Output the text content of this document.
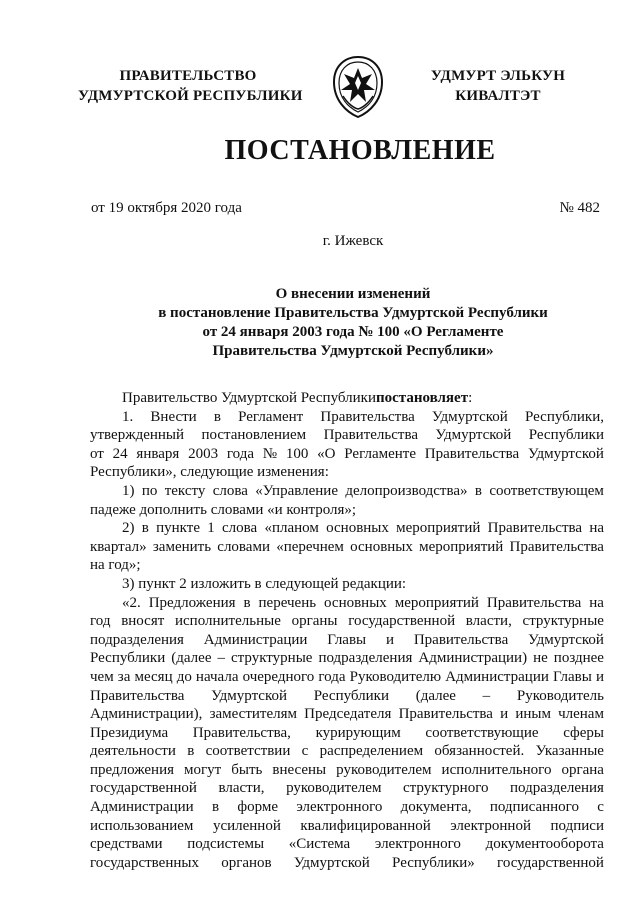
ПРАВИТЕЛЬСТВО
УДМУРТСКОЙ РЕСПУБЛИКИ
УДМУРТ ЭЛЬКУН
КИВАЛТЭТ
ПОСТАНОВЛЕНИЕ
от 19 октября 2020 года	№ 482
г. Ижевск
О внесении изменений
в постановление Правительства Удмуртской Республики
от 24 января 2003 года № 100 «О Регламенте
Правительства Удмуртской Республики»
Правительство Удмуртской Республикипостановляет:
1. Внести в Регламент Правительства Удмуртской Республики,
утвержденный постановлением Правительства Удмуртской Республики
от 24 января 2003 года № 100 «О Регламенте Правительства Удмуртской
Республики», следующие изменения:
1) по тексту слова «Управление делопроизводства» в соответствующем
падеже дополнить словами «и контроля»;
2) в пункте 1 слова «планом основных мероприятий Правительства на
квартал» заменить словами «перечнем основных мероприятий Правительства
на год»;
3) пункт 2 изложить в следующей редакции:
«2. Предложения в перечень основных мероприятий Правительства на
год вносят исполнительные органы государственной власти, структурные
подразделения Администрации Главы и Правительства Удмуртской
Республики (далее – структурные подразделения Администрации) не позднее
чем за месяц до начала очередного года Руководителю Администрации Главы и
Правительства Удмуртской Республики (далее – Руководитель
Администрации), заместителям Председателя Правительства и иным членам
Президиума Правительства, курирующим соответствующие сферы
деятельности в соответствии с распределением обязанностей. Указанные
предложения могут быть внесены руководителем исполнительного органа
государственной власти, руководителем структурного подразделения
Администрации в форме электронного документа, подписанного с
использованием усиленной квалифицированной электронной подписи
средствами подсистемы «Система электронного документооборота
государственных органов Удмуртской Республики» государственной
